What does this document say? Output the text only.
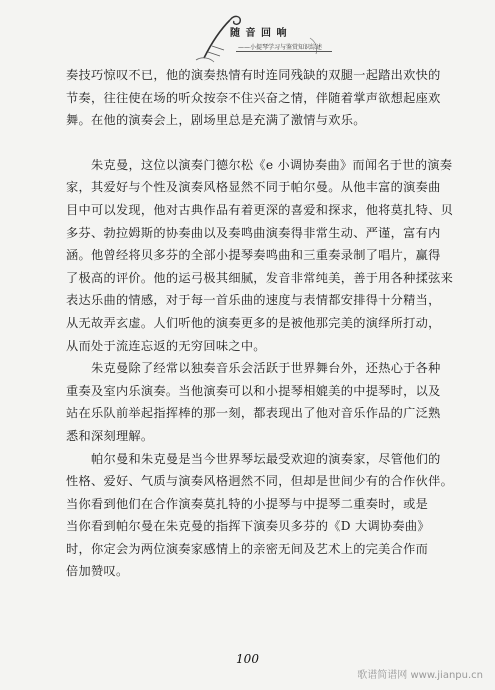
随 音 回 响
——小提琴学习与鉴赏知识综述

奏技巧惊叹不已，他的演奏热情有时连同残缺的双腿一起踏出欢快的
节奏，往往使在场的听众按奈不住兴奋之情，伴随着掌声欲想起座欢
舞。在他的演奏会上，剧场里总是充满了激情与欢乐。

朱克曼，这位以演奏门德尔松《e 小调协奏曲》而闻名于世的演奏
家，其爱好与个性及演奏风格显然不同于帕尔曼。从他丰富的演奏曲
目中可以发现，他对古典作品有着更深的喜爱和探求，他将莫扎特、贝
多芬、勃拉姆斯的协奏曲以及奏鸣曲演奏得非常生动、严谨，富有内
涵。他曾经将贝多芬的全部小提琴奏鸣曲和三重奏录制了唱片，赢得
了极高的评价。他的运弓极其细腻，发音非常纯美，善于用各种揉弦来
表达乐曲的情感，对于每一首乐曲的速度与表情都安排得十分精当，
从无故弄玄虚。人们听他的演奏更多的是被他那完美的演绎所打动，
从而处于流连忘返的无穷回味之中。

朱克曼除了经常以独奏音乐会活跃于世界舞台外，还热心于各种
重奏及室内乐演奏。当他演奏可以和小提琴相媲美的中提琴时，以及
站在乐队前举起指挥棒的那一刻，都表现出了他对音乐作品的广泛熟
悉和深刻理解。

帕尔曼和朱克曼是当今世界琴坛最受欢迎的演奏家，尽管他们的
性格、爱好、气质与演奏风格迥然不同，但却是世间少有的合作伙伴。
当你看到他们在合作演奏莫扎特的小提琴与中提琴二重奏时，或是
当你看到帕尔曼在朱克曼的指挥下演奏贝多芬的《D 大调协奏曲》
时，你定会为两位演奏家感情上的亲密无间及艺术上的完美合作而
倍加赞叹。

100
歌谱简谱网 www.jianpu.cn
